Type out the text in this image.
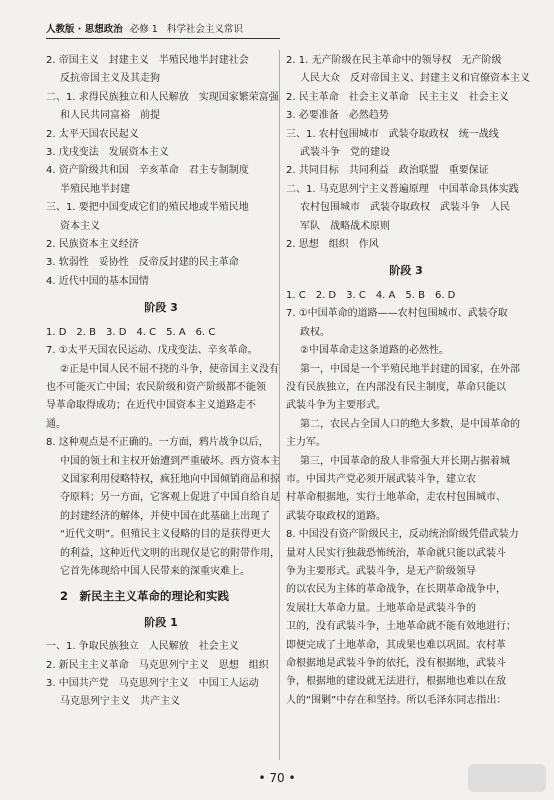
人教版 · 思想政治 必修 1 科学社会主义常识

2. 帝国主义　封建主义　半殖民地半封建社会

反抗帝国主义及其走狗

二、1. 求得民族独立和人民解放　实现国家繁荣富强

和人民共同富裕　前提

2. 太平天国农民起义

3. 戊戌变法　发展资本主义

4. 资产阶级共和国　辛亥革命　君主专制制度

半殖民地半封建

三、1. 要把中国变成它们的殖民地或半殖民地

资本主义

2. 民族资本主义经济

3. 软弱性　妥协性　反帝反封建的民主革命

4. 近代中国的基本国情

阶段 3

1. D　2. B　3. D　4. C　5. A　6. C

7. ①太平天国农民运动、戊戌变法、辛亥革命。

②正是中国人民不屈不挠的斗争，使帝国主义没有

也不可能灭亡中国；农民阶级和资产阶级都不能领

导革命取得成功；在近代中国资本主义道路走不

通。

8. 这种观点是不正确的。一方面，鸦片战争以后，

中国的领土和主权开始遭到严重破坏。西方资本主

义国家利用侵略特权，疯狂地向中国倾销商品和掠

夺原料；另一方面，它客观上促进了中国自给自足

的封建经济的解体，并使中国在此基础上出现了

“近代文明”。但殖民主义侵略的目的是获得更大

的利益，这种近代文明的出现仅是它的附带作用，

它首先体现给中国人民带来的深重灾难上。

2　新民主主义革命的理论和实践

阶段 1

一、1. 争取民族独立　人民解放　社会主义

2. 新民主主义革命　马克思列宁主义　思想　组织

3. 中国共产党　马克思列宁主义　中国工人运动

马克思列宁主义　共产主义

2. 1. 无产阶级在民主革命中的领导权　无产阶级

人民大众　反对帝国主义、封建主义和官僚资本主义

2. 民主革命　社会主义革命　民主主义　社会主义

3. 必要准备　必然趋势

三、1. 农村包围城市　武装夺取政权　统一战线

武装斗争　党的建设

2. 共同目标　共同利益　政治联盟　重要保证

二、1. 马克思列宁主义普遍原理　中国革命具体实践

农村包围城市　武装夺取政权　武装斗争　人民

军队　战略战术原则

2. 思想　组织　作风

阶段 3

1. C　2. D　3. C　4. A　5. B　6. D

7. ①中国革命的道路——农村包围城市、武装夺取

政权。

②中国革命走这条道路的必然性。

第一，中国是一个半殖民地半封建的国家，在外部

没有民族独立，在内部没有民主制度，革命只能以

武装斗争为主要形式。

第二，农民占全国人口的绝大多数，是中国革命的

主力军。

第三，中国革命的敌人非常强大并长期占据着城

市。中国共产党必须开展武装斗争，建立农

村革命根据地，实行土地革命，走农村包围城市、

武装夺取政权的道路。

8. 中国没有资产阶级民主，反动统治阶级凭借武装力

量对人民实行独裁恐怖统治，革命就只能以武装斗

争为主要形式。武装斗争，是无产阶级领导

的以农民为主体的革命战争，在长期革命战争中，

发展壮大革命力量。土地革命是武装斗争的

卫的，没有武装斗争，土地革命就不能有效地进行；

即便完成了土地革命，其成果也难以巩固。农村革

命根据地是武装斗争的依托，没有根据地，武装斗

争，根据地的建设就无法进行，根据地也难以在敌

人的“围剿”中存在和坚持。所以毛泽东同志指出：

• 70 •
